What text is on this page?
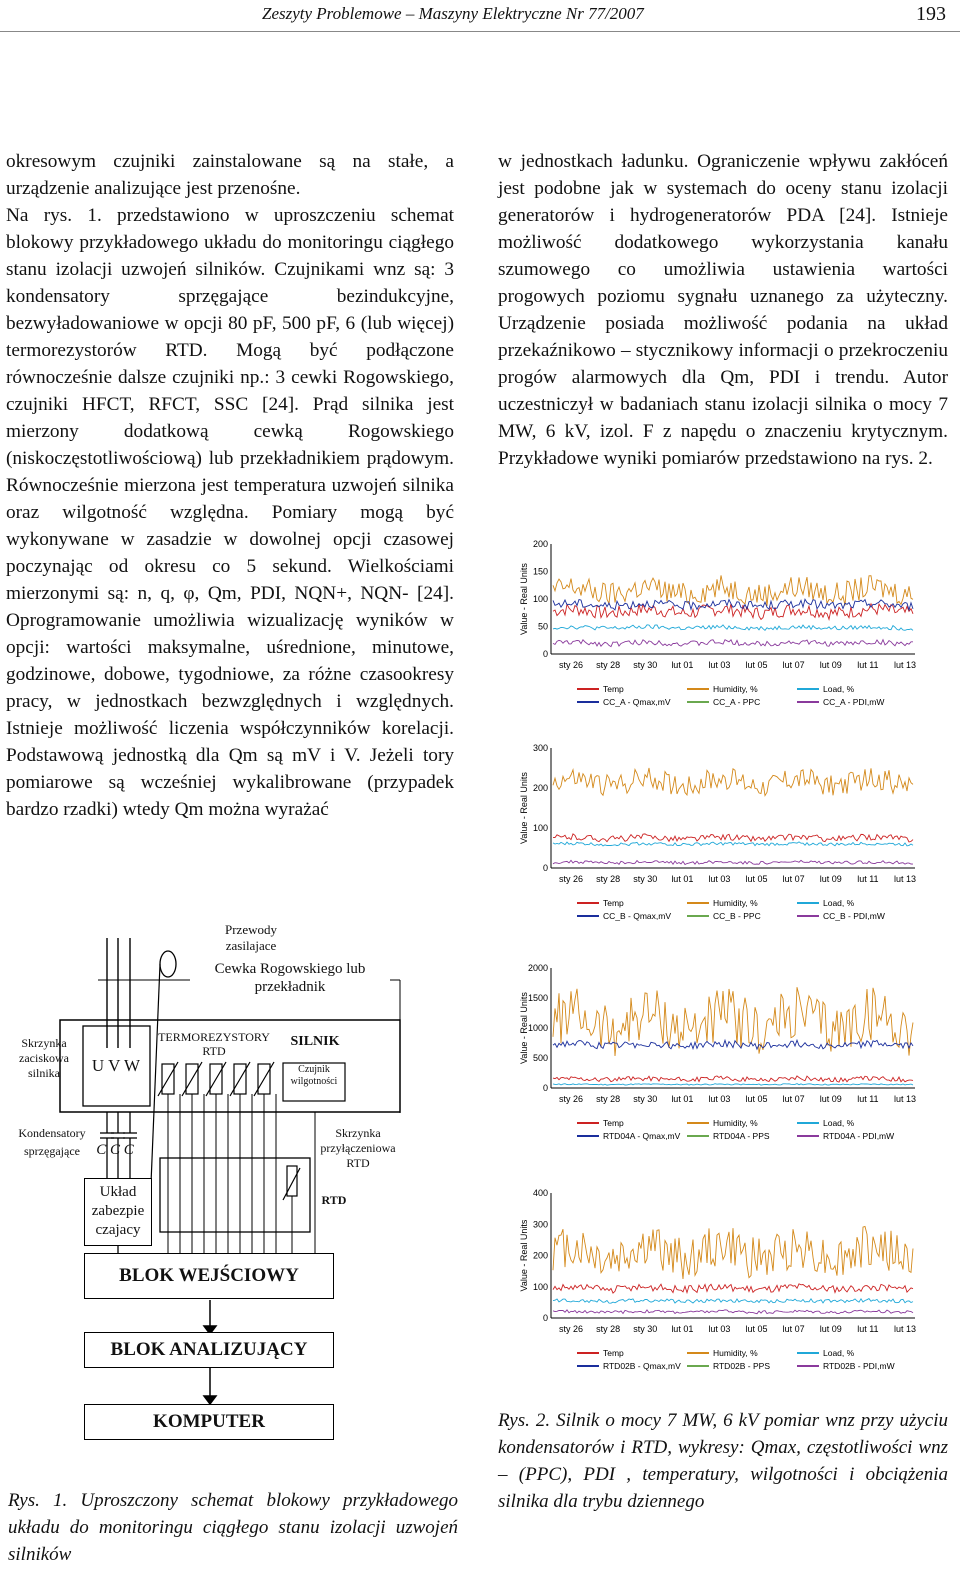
Zeszyty Problemowe – Maszyny Elektryczne Nr 77/2007	193

okresowym czujniki zainstalowane są na stałe, a urządzenie analizujące jest przenośne.

Na rys. 1. przedstawiono w uproszczeniu schemat blokowy przykładowego układu do monitoringu ciągłego stanu izolacji uzwojeń silników. Czujnikami wnz są: 3 kondensatory sprzęgające bezindukcyjne, bezwyładowaniowe w opcji 80 pF, 500 pF, 6 (lub więcej) termorezystorów RTD. Mogą być podłączone równocześnie dalsze czujniki np.: 3 cewki Rogowskiego, czujniki HFCT, RFCT, SSC [24]. Prąd silnika jest mierzony dodatkową cewką Rogowskiego (niskoczęstotliwościową) lub przekładnikiem prądowym. Równocześnie mierzona jest temperatura uzwojeń silnika oraz wilgotność względna. Pomiary mogą być wykonywane w zasadzie w dowolnej opcji czasowej poczynając od okresu co 5 sekund. Wielkościami mierzonymi są: n, q, φ, Qm, PDI, NQN+, NQN- [24]. Oprogramowanie umożliwia wizualizację wyników w opcji: wartości maksymalne, uśrednione, minutowe, godzinowe, dobowe, tygodniowe, za różne czasookresy pracy, w jednostkach bezwzględnych i względnych. Istnieje możliwość liczenia współczynników korelacji. Podstawową jednostką dla Qm są mV i V. Jeżeli tory pomiarowe są wcześniej wykalibrowane (przypadek bardzo rzadki) wtedy Qm można wyrażać

w jednostkach ładunku. Ograniczenie wpływu zakłóceń jest podobne jak w systemach do oceny stanu izolacji generatorów i hydrogeneratorów PDA [24]. Istnieje możliwość dodatkowego wykorzystania kanału szumowego co umożliwia ustawienia wartości progowych poziomu sygnału uznanego za użyteczny. Urządzenie posiada możliwość podania na układ przekaźnikowo – stycznikowy informacji o przekroczeniu progów alarmowych dla Qm, PDI i trendu. Autor uczestniczył w badaniach stanu izolacji silnika o mocy 7 MW, 6 kV, izol. F z napędu o znaczeniu krytycznym. Przykładowe wyniki pomiarów przedstawiono na rys. 2.

Przewody zasilajace
Cewka Rogowskiego lub przekładnik
Skrzynka zaciskowa silnika	U V W
TERMOREZYSTORY RTD
SILNIK
Czujnik wilgotności
Kondensatory sprzęgające	C C C
Skrzynka przyłączeniowa RTD
RTD
Układ zabezpie czajacy
BLOK WEJŚCIOWY
BLOK ANALIZUJĄCY
KOMPUTER
Rys. 1. Uproszczony schemat blokowy przykładowego układu do monitoringu ciągłego stanu izolacji uzwojeń silników
0
50
100
150
200
Value - Real Units
sty 26 sty 28 sty 30 lut 01 lut 03 lut 05 lut 07 lut 09 lut 11 lut 13
Temp	Humidity, %	Load, %
CC_A - Qmax,mV	CC_A - PPC	CC_A - PDI,mW
0
100
200
300
Value - Real Units
sty 26 sty 28 sty 30 lut 01 lut 03 lut 05 lut 07 lut 09 lut 11 lut 13
Temp	Humidity, %	Load, %
CC_B - Qmax,mV	CC_B - PPC	CC_B - PDI,mW
0
500
1000
1500
2000
Value - Real Units
sty 26 sty 28 sty 30 lut 01 lut 03 lut 05 lut 07 lut 09 lut 11 lut 13
Temp	Humidity, %	Load, %
RTD04A - Qmax,mV	RTD04A - PPS	RTD04A - PDI,mW
0
100
200
300
400
Value - Real Units
sty 26 sty 28 sty 30 lut 01 lut 03 lut 05 lut 07 lut 09 lut 11 lut 13
Temp	Humidity, %	Load, %
RTD02B - Qmax,mV	RTD02B - PPS	RTD02B - PDI,mW
Rys. 2. Silnik o mocy 7 MW, 6 kV pomiar wnz przy użyciu kondensatorów i RTD, wykresy: Qmax, częstotliwości wnz – (PPC), PDI , temperatury, wilgotności i obciążenia silnika dla trybu dziennego
